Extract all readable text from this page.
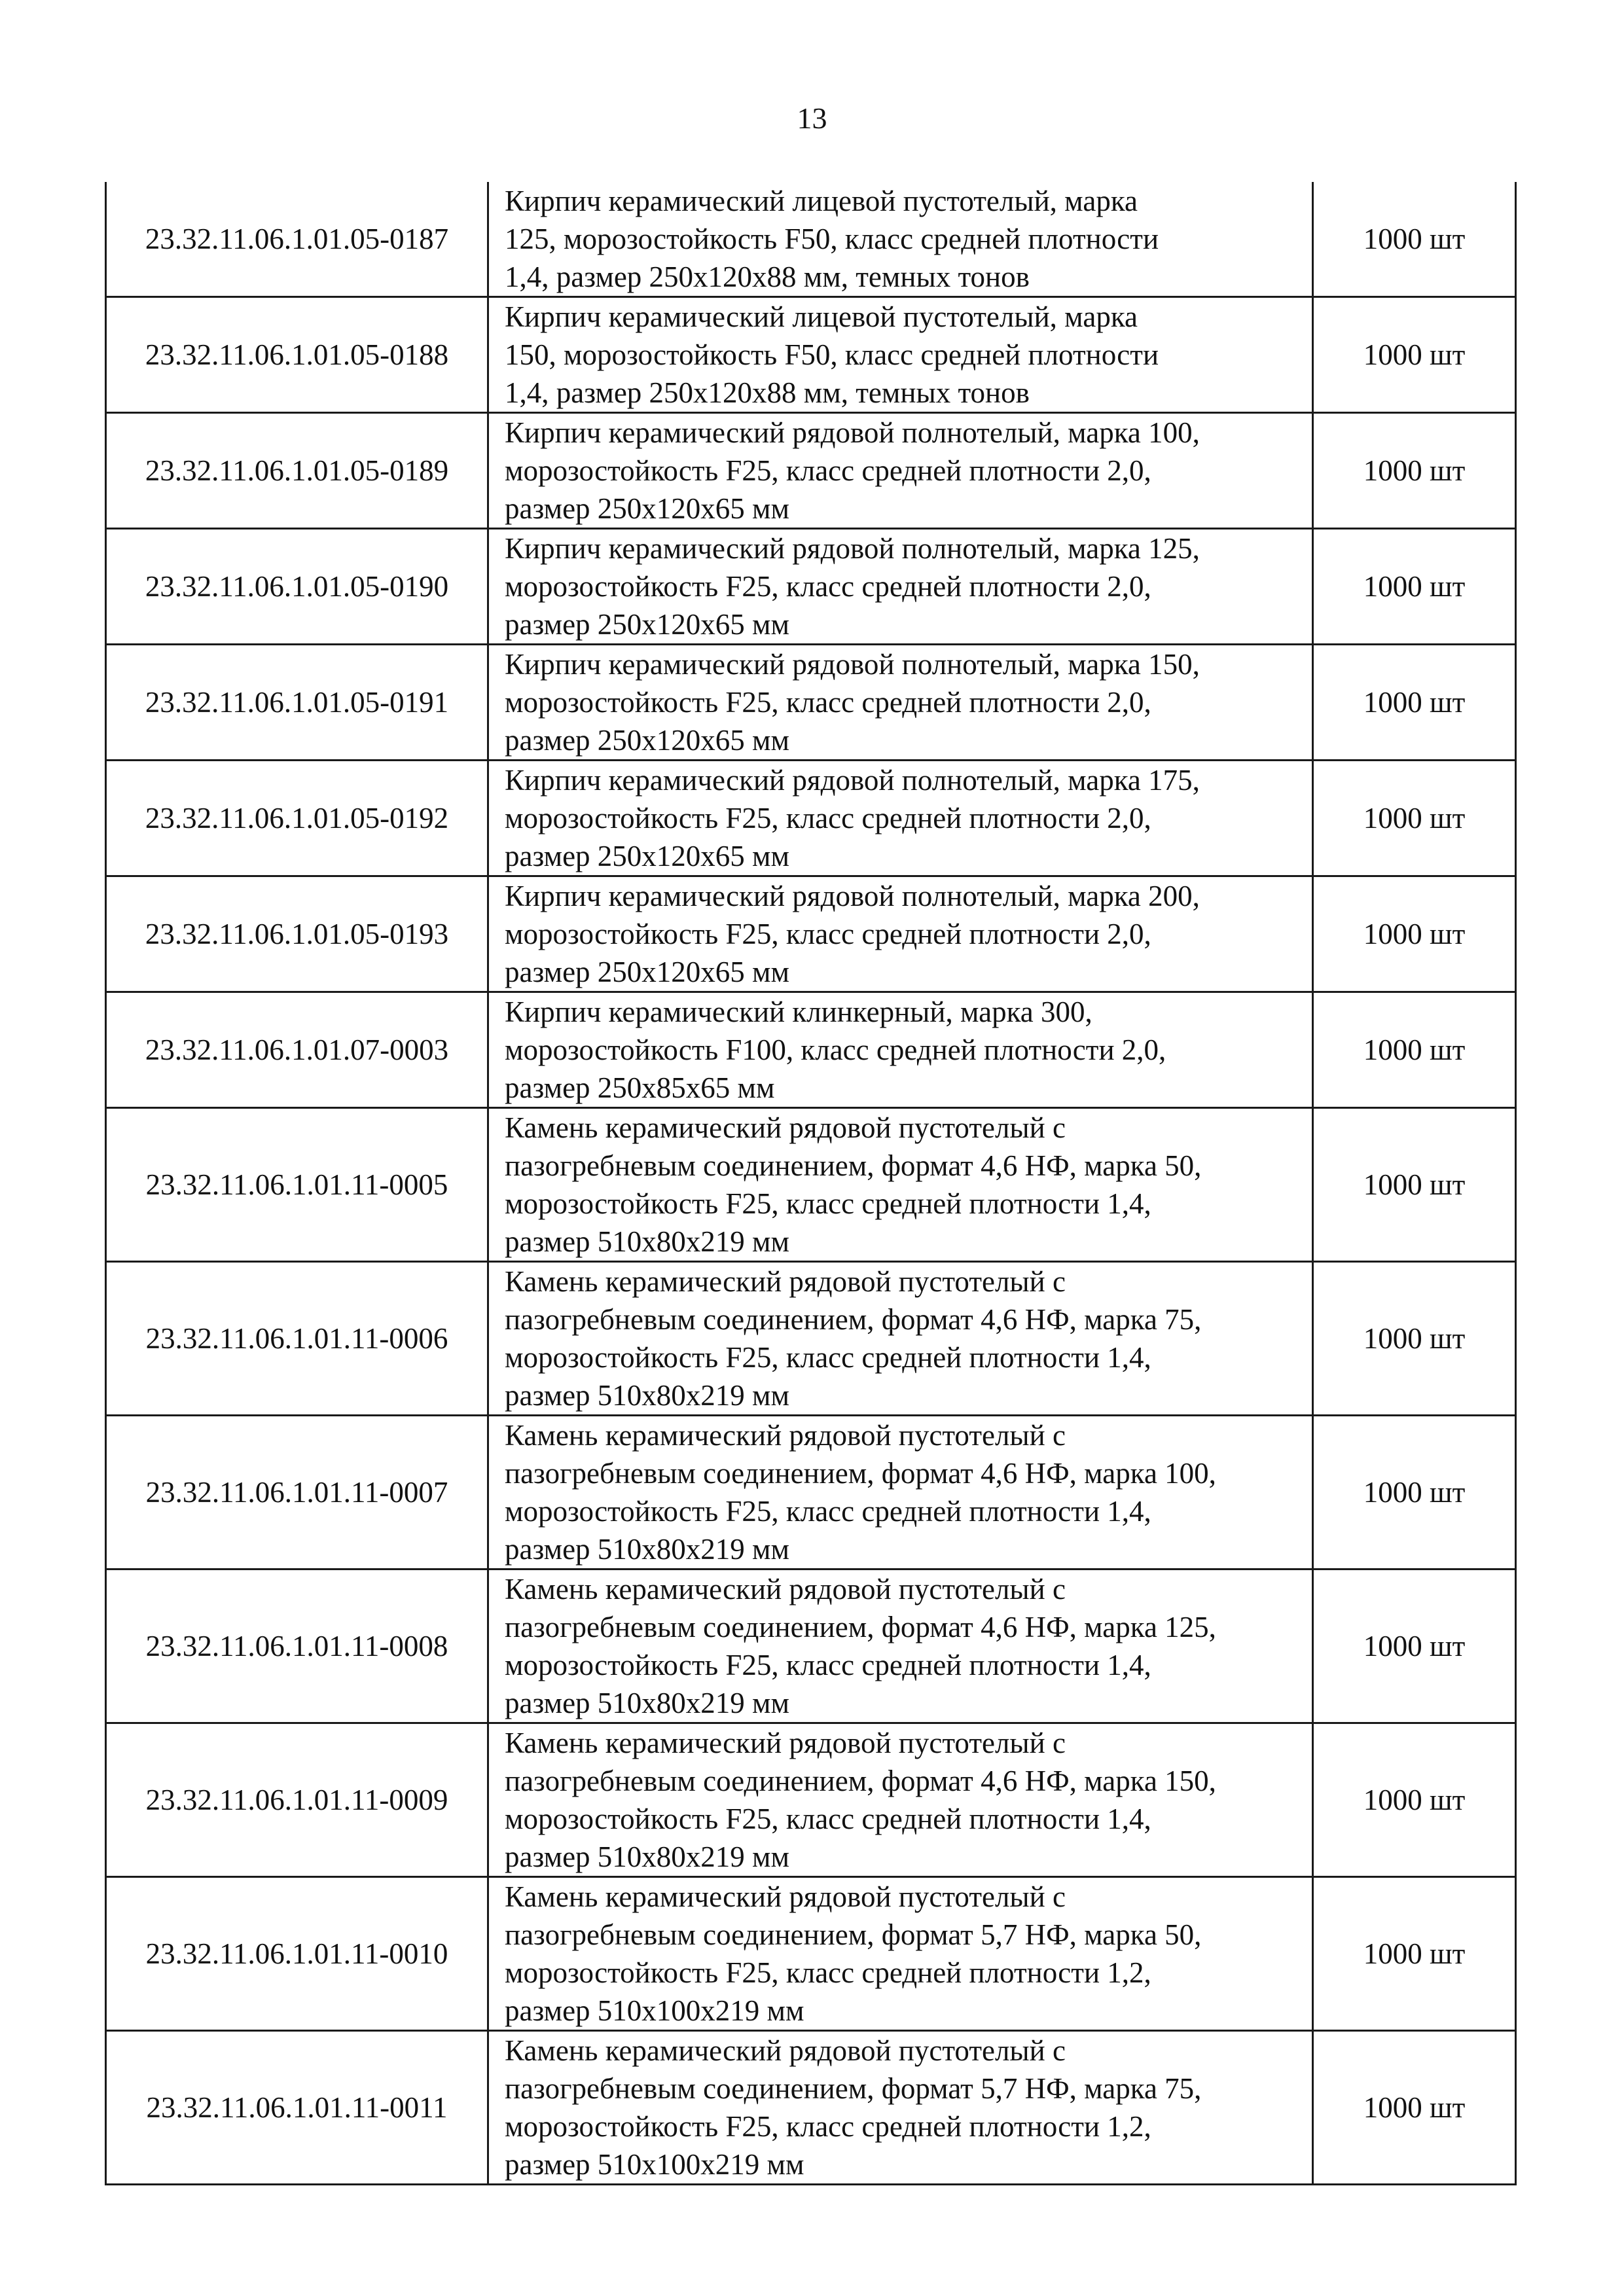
13
23.32.11.06.1.01.05-0187	Кирпич керамический лицевой пустотелый, марка
125, морозостойкость F50, класс средней плотности
1,4, размер 250х120х88 мм, темных тонов	1000 шт
23.32.11.06.1.01.05-0188	Кирпич керамический лицевой пустотелый, марка
150, морозостойкость F50, класс средней плотности
1,4, размер 250х120х88 мм, темных тонов	1000 шт
23.32.11.06.1.01.05-0189	Кирпич керамический рядовой полнотелый, марка 100,
морозостойкость F25, класс средней плотности 2,0,
размер 250х120х65 мм	1000 шт
23.32.11.06.1.01.05-0190	Кирпич керамический рядовой полнотелый, марка 125,
морозостойкость F25, класс средней плотности 2,0,
размер 250х120х65 мм	1000 шт
23.32.11.06.1.01.05-0191	Кирпич керамический рядовой полнотелый, марка 150,
морозостойкость F25, класс средней плотности 2,0,
размер 250х120х65 мм	1000 шт
23.32.11.06.1.01.05-0192	Кирпич керамический рядовой полнотелый, марка 175,
морозостойкость F25, класс средней плотности 2,0,
размер 250х120х65 мм	1000 шт
23.32.11.06.1.01.05-0193	Кирпич керамический рядовой полнотелый, марка 200,
морозостойкость F25, класс средней плотности 2,0,
размер 250х120х65 мм	1000 шт
23.32.11.06.1.01.07-0003	Кирпич керамический клинкерный, марка 300,
морозостойкость F100, класс средней плотности 2,0,
размер 250х85х65 мм	1000 шт
23.32.11.06.1.01.11-0005	Камень керамический рядовой пустотелый с
пазогребневым соединением, формат 4,6 НФ, марка 50,
морозостойкость F25, класс средней плотности 1,4,
размер 510х80х219 мм	1000 шт
23.32.11.06.1.01.11-0006	Камень керамический рядовой пустотелый с
пазогребневым соединением, формат 4,6 НФ, марка 75,
морозостойкость F25, класс средней плотности 1,4,
размер 510х80х219 мм	1000 шт
23.32.11.06.1.01.11-0007	Камень керамический рядовой пустотелый с
пазогребневым соединением, формат 4,6 НФ, марка 100,
морозостойкость F25, класс средней плотности 1,4,
размер 510х80х219 мм	1000 шт
23.32.11.06.1.01.11-0008	Камень керамический рядовой пустотелый с
пазогребневым соединением, формат 4,6 НФ, марка 125,
морозостойкость F25, класс средней плотности 1,4,
размер 510х80х219 мм	1000 шт
23.32.11.06.1.01.11-0009	Камень керамический рядовой пустотелый с
пазогребневым соединением, формат 4,6 НФ, марка 150,
морозостойкость F25, класс средней плотности 1,4,
размер 510х80х219 мм	1000 шт
23.32.11.06.1.01.11-0010	Камень керамический рядовой пустотелый с
пазогребневым соединением, формат 5,7 НФ, марка 50,
морозостойкость F25, класс средней плотности 1,2,
размер 510х100х219 мм	1000 шт
23.32.11.06.1.01.11-0011	Камень керамический рядовой пустотелый с
пазогребневым соединением, формат 5,7 НФ, марка 75,
морозостойкость F25, класс средней плотности 1,2,
размер 510х100х219 мм	1000 шт
